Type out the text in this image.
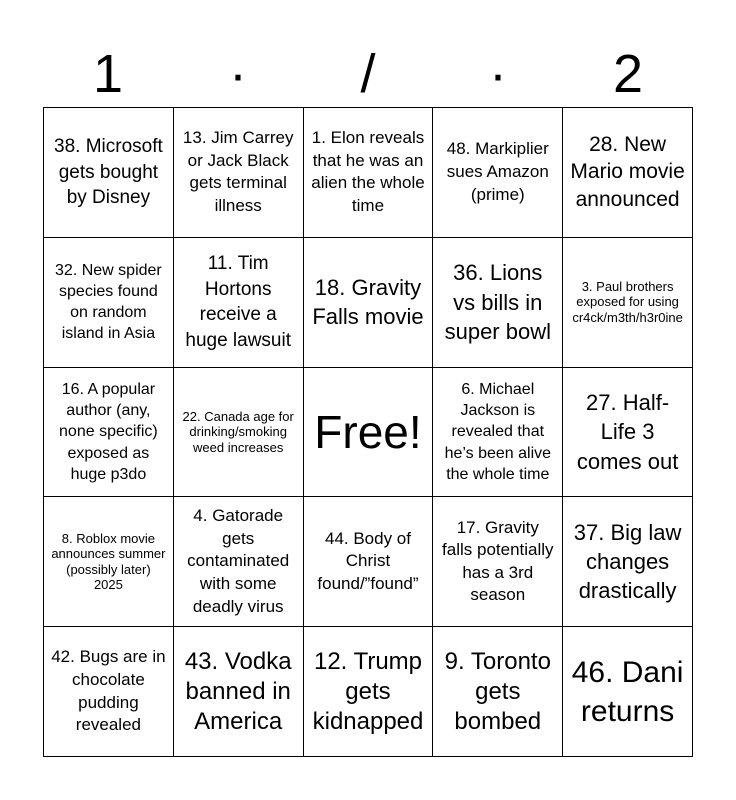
1	·	/	·	2
38. Microsoft gets bought by Disney
13. Jim Carrey or Jack Black gets terminal illness
1. Elon reveals that he was an alien the whole time
48. Markiplier sues Amazon (prime)
28. New Mario movie announced
32. New spider species found on random island in Asia
11. Tim Hortons receive a huge lawsuit
18. Gravity Falls movie
36. Lions vs bills in super bowl
3. Paul brothers exposed for using cr4ck/m3th/h3r0ine
16. A popular author (any, none specific) exposed as huge p3do
22. Canada age for drinking/smoking weed increases Free!
6. Michael Jackson is revealed that he’s been alive the whole time
27. Half-Life 3 comes out
8. Roblox movie announces summer (possibly later) 2025
4. Gatorade gets contaminated with some deadly virus
44. Body of Christ found/”found”
17. Gravity falls potentially has a 3rd season
37. Big law changes drastically
42. Bugs are in chocolate pudding revealed
43. Vodka banned in America
12. Trump gets kidnapped
9. Toronto gets bombed
46. Dani returns
